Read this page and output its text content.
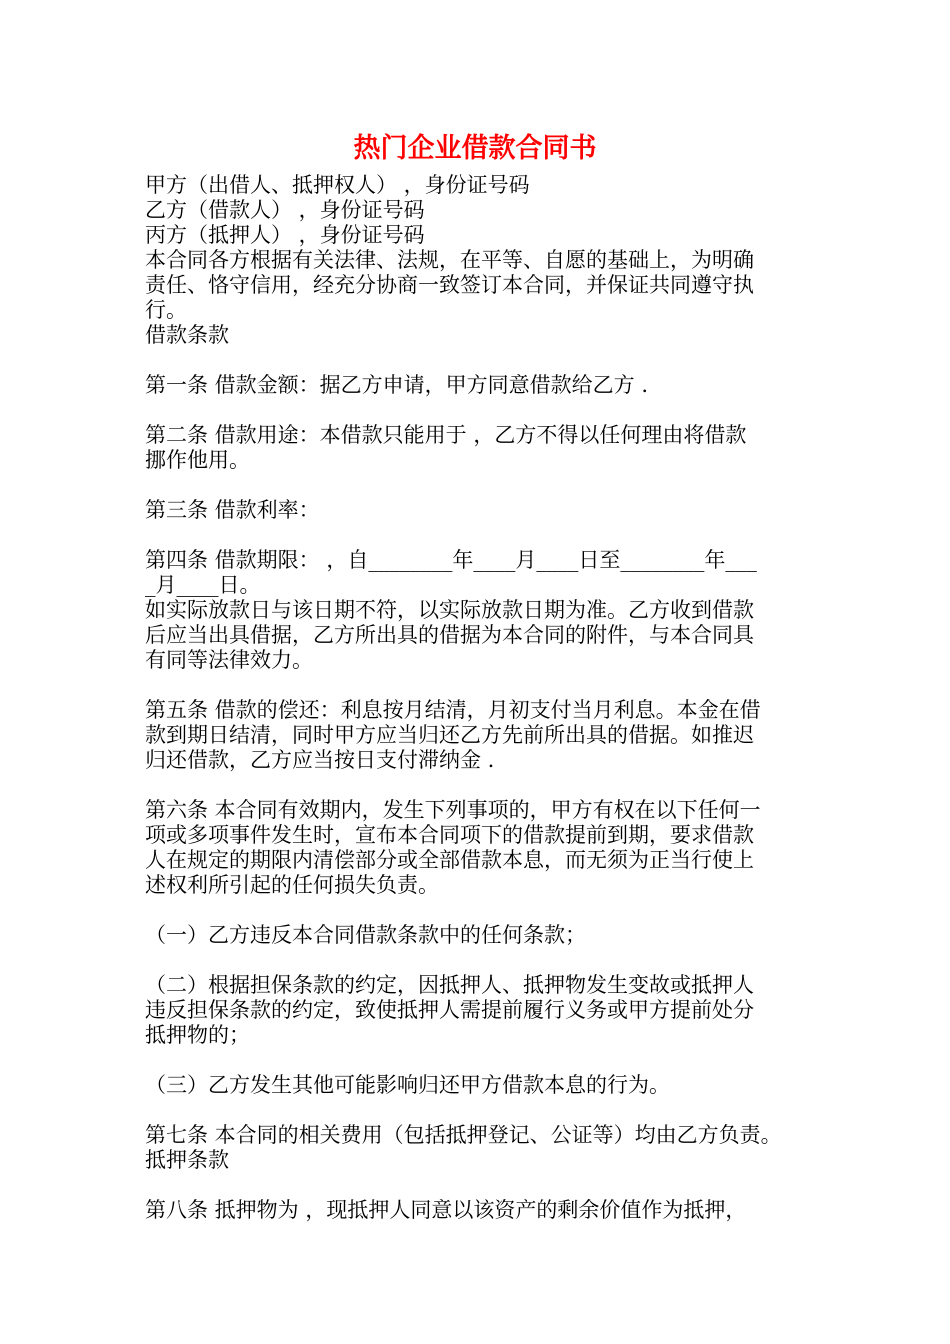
热门企业借款合同书
甲方（出借人、抵押权人） ，身份证号码
乙方（借款人） ，身份证号码
丙方（抵押人） ，身份证号码
本合同各方根据有关法律、法规，在平等、自愿的基础上，为明确
责任、恪守信用，经充分协商一致签订本合同，并保证共同遵守执
行。
借款条款
第一条 借款金额：据乙方申请，甲方同意借款给乙方 .
第二条 借款用途：本借款只能用于 ，乙方不得以任何理由将借款
挪作他用。
第三条 借款利率：
第四条 借款期限： ，自________年____月____日至________年___
_月____日。
如实际放款日与该日期不符，以实际放款日期为准。乙方收到借款
后应当出具借据，乙方所出具的借据为本合同的附件，与本合同具
有同等法律效力。
第五条 借款的偿还：利息按月结清，月初支付当月利息。本金在借
款到期日结清，同时甲方应当归还乙方先前所出具的借据。如推迟
归还借款，乙方应当按日支付滞纳金 .
第六条 本合同有效期内，发生下列事项的，甲方有权在以下任何一
项或多项事件发生时，宣布本合同项下的借款提前到期，要求借款
人在规定的期限内清偿部分或全部借款本息，而无须为正当行使上
述权利所引起的任何损失负责。
（一）乙方违反本合同借款条款中的任何条款；
（二）根据担保条款的约定，因抵押人、抵押物发生变故或抵押人
违反担保条款的约定，致使抵押人需提前履行义务或甲方提前处分
抵押物的；
（三）乙方发生其他可能影响归还甲方借款本息的行为。
第七条 本合同的相关费用（包括抵押登记、公证等）均由乙方负责。
抵押条款
第八条 抵押物为 ，现抵押人同意以该资产的剩余价值作为抵押，
